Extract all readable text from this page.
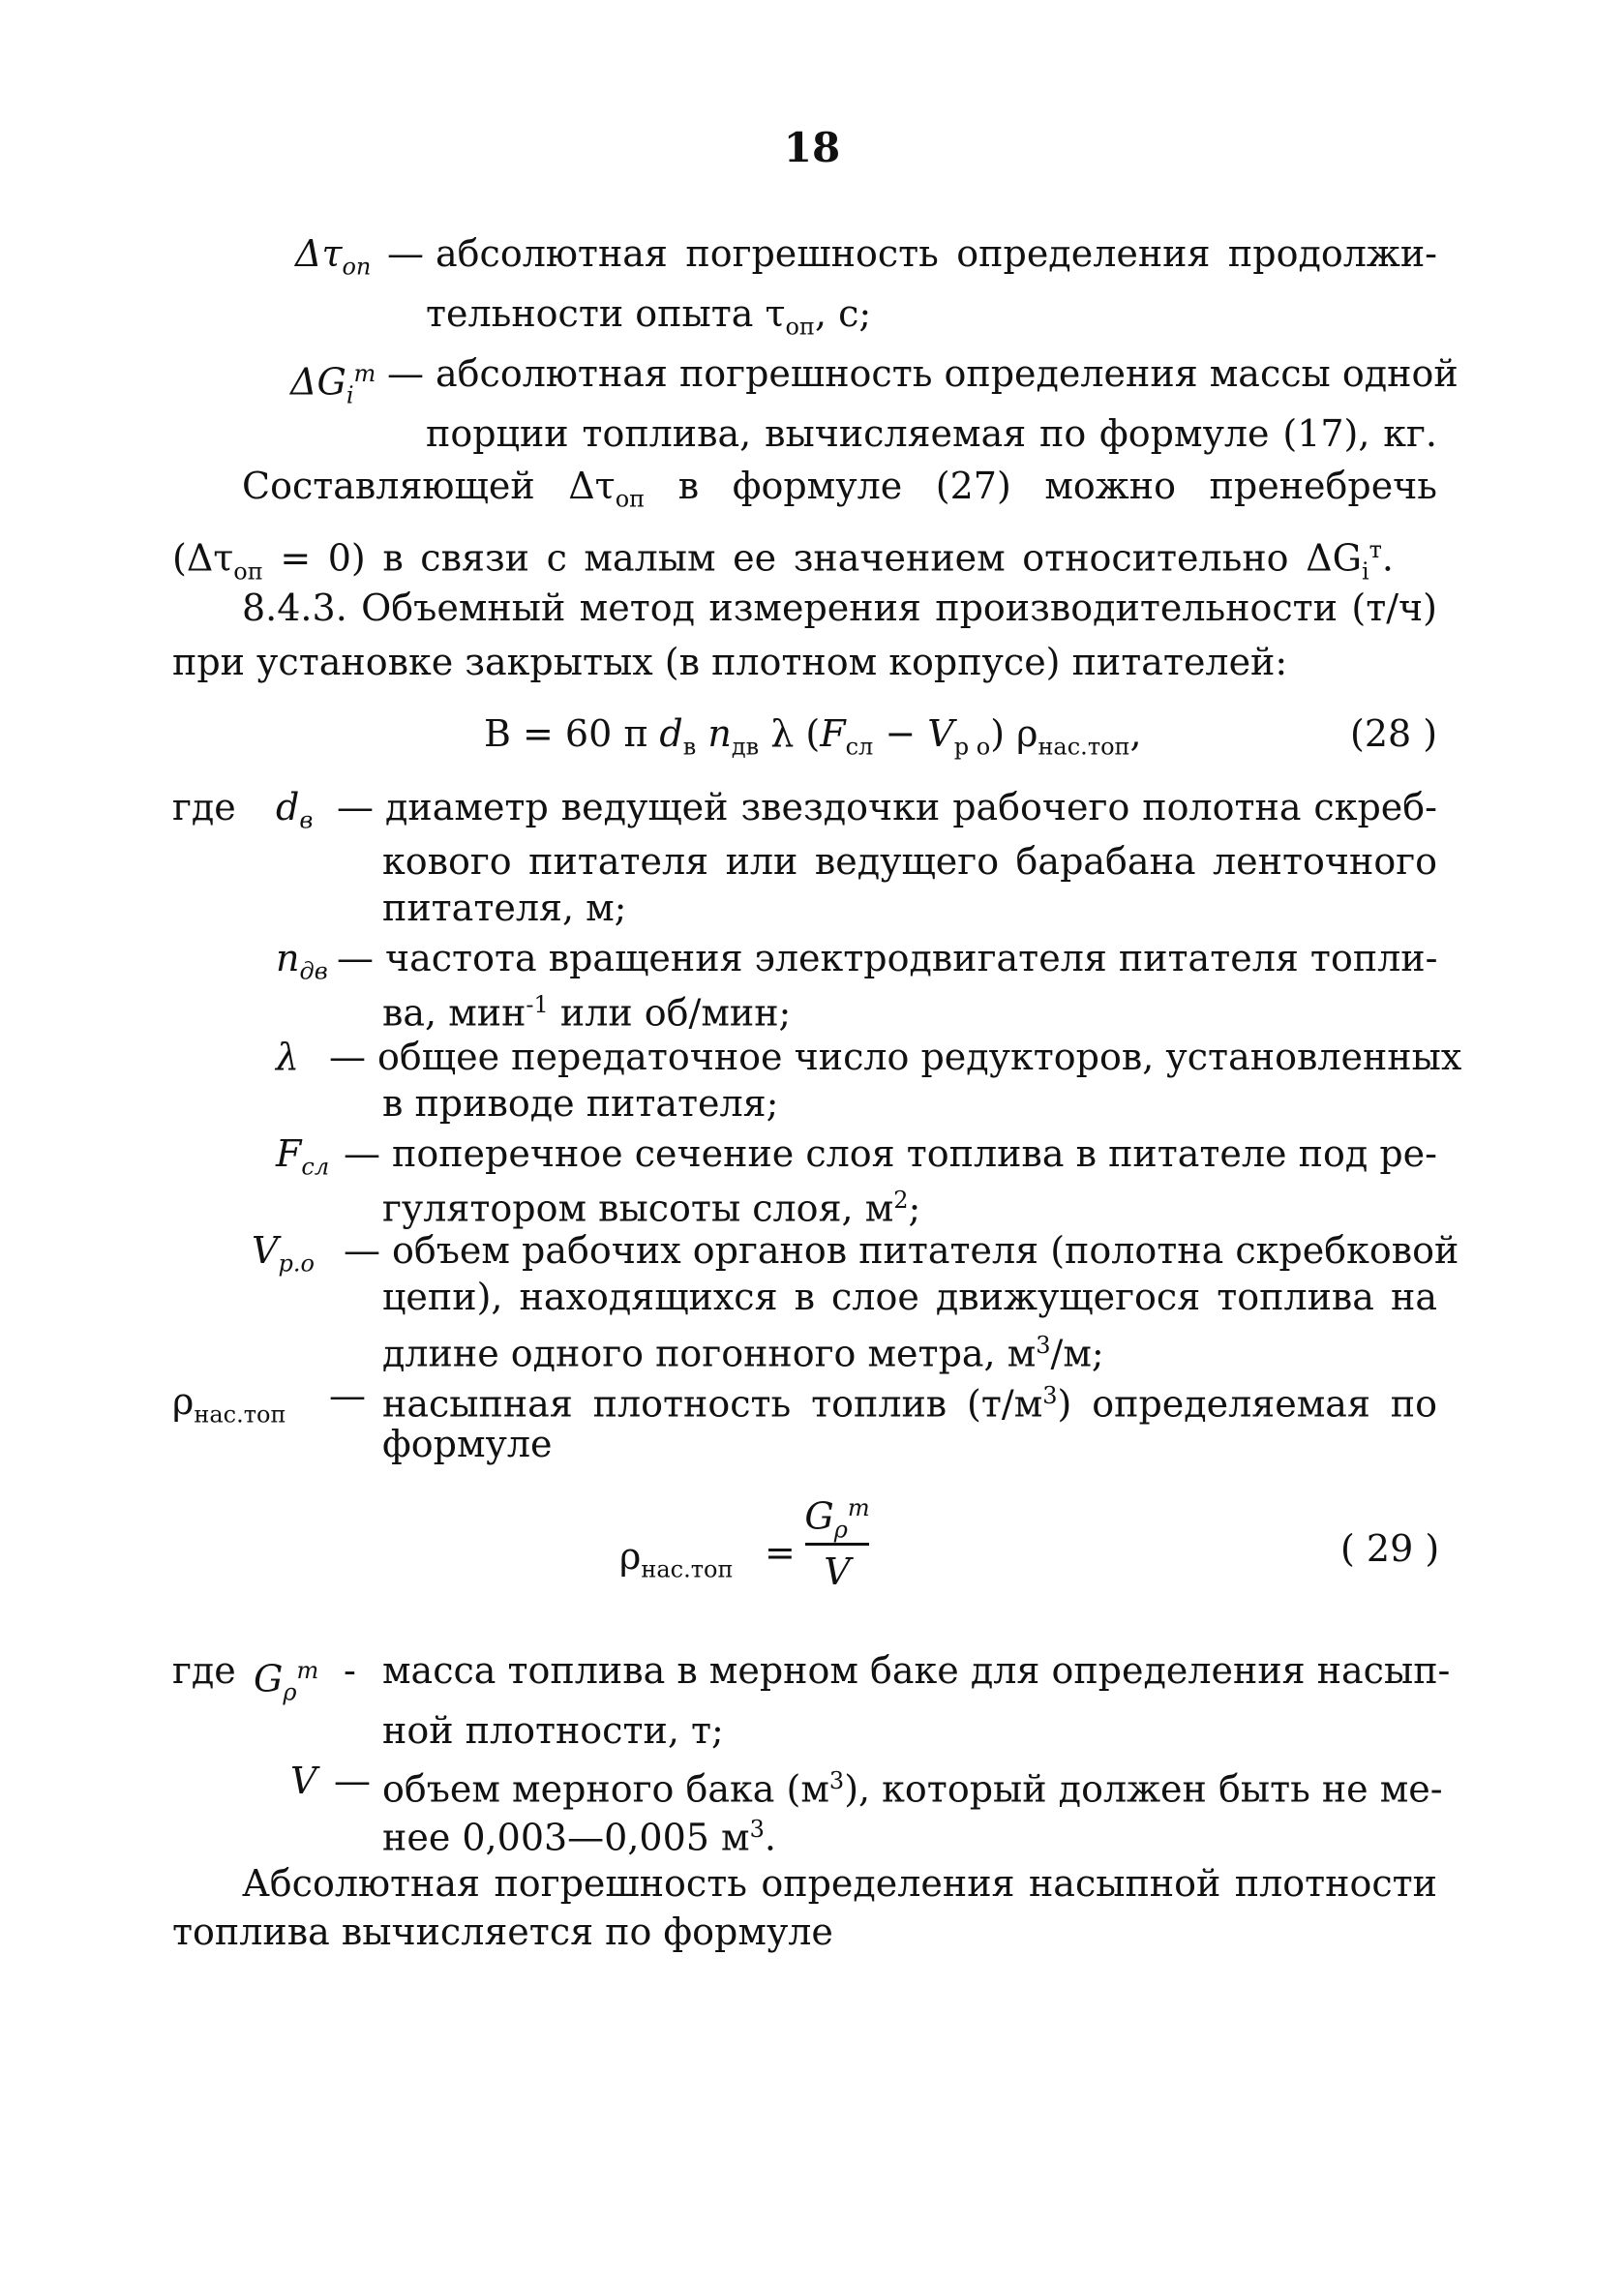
18
$\Delta\tau_{оп}$ — абсолютная погрешность определения продолжи-
тельности опыта $\tau_{оп}$, с;
$\Delta G_i^т$ — абсолютная погрешность определения массы одной
порции топлива, вычисляемая по формуле (17), кг.
Составляющей $\Delta\tau_{оп}$ в формуле (27) можно пренебречь
$(\Delta\tau_{оп} = 0)$ в связи с малым ее значением относительно $\Delta G_i^т$.
8.4.3. Объемный метод измерения производительности (т/ч)
при установке закрытых (в плотном корпусе) питателей:
B = 60 π $d_в$ $n_{дв}$ λ $(F_{сл} - V_{р о})$ $\rho_{нас.топ}$,	(28 )
где $d_в$ — диаметр ведущей звездочки рабочего полотна скреб-
кового питателя или ведущего барабана ленточного
питателя, м;
$n_{дв}$ — частота вращения электродвигателя питателя топли-
ва, мин$^{-1}$ или об/мин;
λ — общее передаточное число редукторов, установленных
в приводе питателя;
$F_{сл}$ — поперечное сечение слоя топлива в питателе под ре-
гулятором высоты слоя, $м^2$;
$V_{р.о}$ — объем рабочих органов питателя (полотна скребковой
цепи), находящихся в слое движущегося топлива на
длине одного погонного метра, $м^3/м$;
$\rho_{нас.топ}$ — насыпная плотность топлив $(т/м^3)$ определяемая по
формуле
$\rho_{нас.топ}$ =
$G_\rho^т$
V
( 29 )
где $G_\rho^т$ - масса топлива в мерном баке для определения насып-
ной плотности, т;
V — объем мерного бака $(м^3)$, который должен быть не ме-
нее 0,003—0,005 $м^3$.
Абсолютная погрешность определения насыпной плотности
топлива вычисляется по формуле
